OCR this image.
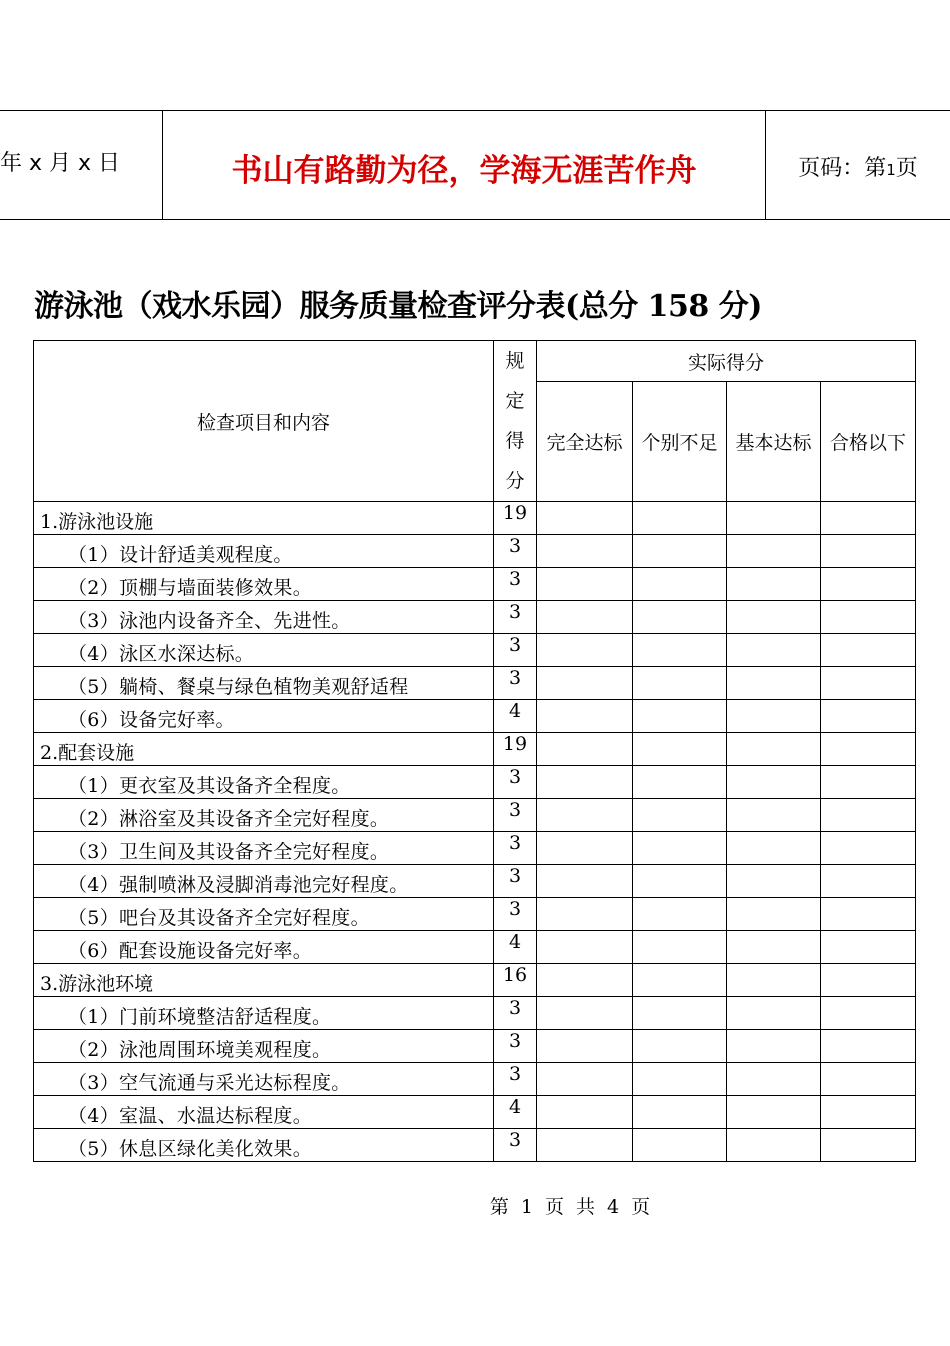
年 x 月 x 日	书山有路勤为径，学海无涯苦作舟	页码：第1页
游泳池（戏水乐园）服务质量检查评分表(总分 158 分)
检查项目和内容	规
定
得
分	实际得分			
		完全达标	个别不足	基本达标	合格以下
1.游泳池设施	19				
（1）设计舒适美观程度。	3				
（2）顶棚与墙面装修效果。	3				
（3）泳池内设备齐全、先进性。	3				
（4）泳区水深达标。	3				
（5）躺椅、餐桌与绿色植物美观舒适程	3				
（6）设备完好率。	4				
2.配套设施	19				
（1）更衣室及其设备齐全程度。	3				
（2）淋浴室及其设备齐全完好程度。	3				
（3）卫生间及其设备齐全完好程度。	3				
（4）强制喷淋及浸脚消毒池完好程度。	3				
（5）吧台及其设备齐全完好程度。	3				
（6）配套设施设备完好率。	4				
3.游泳池环境	16				
（1）门前环境整洁舒适程度。	3				
（2）泳池周围环境美观程度。	3				
（3）空气流通与采光达标程度。	3				
（4）室温、水温达标程度。	4				
（5）休息区绿化美化效果。	3				
第 1 页 共 4 页
